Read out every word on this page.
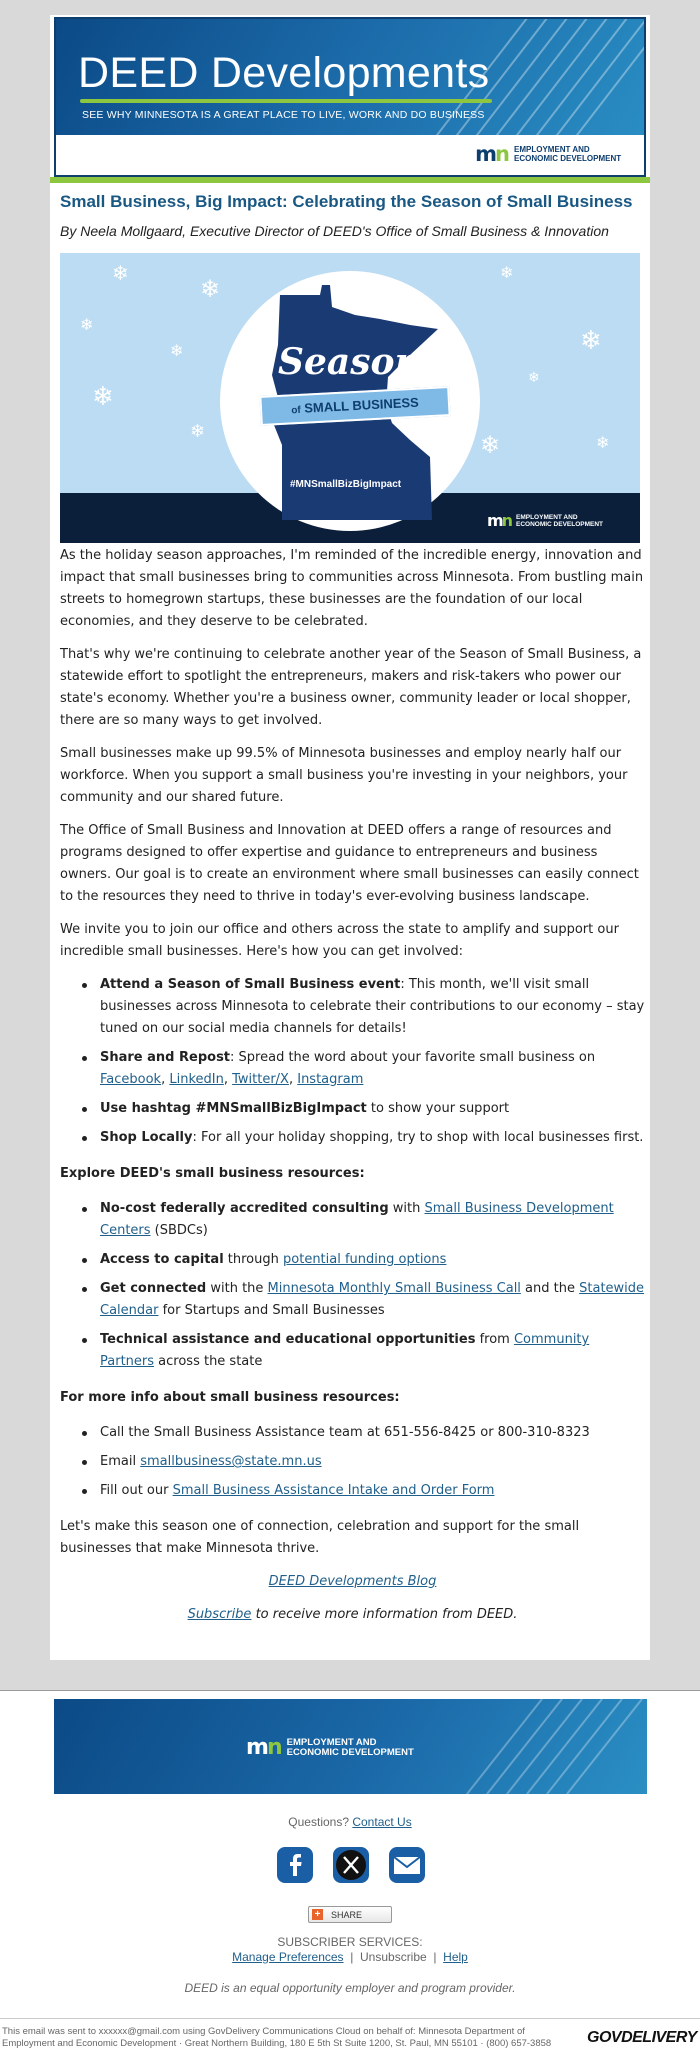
DEED Developments
SEE WHY MINNESOTA IS A GREAT PLACE TO LIVE, WORK AND DO BUSINESS
mn EMPLOYMENT AND
ECONOMIC DEVELOPMENT
Small Business, Big Impact: Celebrating the Season of Small Business
By Neela Mollgaard, Executive Director of DEED's Office of Small Business & Innovation
❄
❄
❄
❄
❄
❄
❄
❄
❄
❄	❄
Season
of SMALL BUSINESS
#MNSmallBizBigImpact
mn EMPLOYMENT AND
ECONOMIC DEVELOPMENT

As the holiday season approaches, I'm reminded of the incredible energy, innovation and impact that small businesses bring to communities across Minnesota. From bustling main streets to homegrown startups, these businesses are the foundation of our local economies, and they deserve to be celebrated.

That's why we're continuing to celebrate another year of the Season of Small Business, a statewide effort to spotlight the entrepreneurs, makers and risk-takers who power our state's economy. Whether you're a business owner, community leader or local shopper, there are so many ways to get involved.

Small businesses make up 99.5% of Minnesota businesses and employ nearly half our workforce. When you support a small business you're investing in your neighbors, your community and our shared future.

The Office of Small Business and Innovation at DEED offers a range of resources and programs designed to offer expertise and guidance to entrepreneurs and business owners. Our goal is to create an environment where small businesses can easily connect to the resources they need to thrive in today's ever-evolving business landscape.

We invite you to join our office and others across the state to amplify and support our incredible small businesses. Here's how you can get involved:

Attend a Season of Small Business event: This month, we'll visit small businesses across Minnesota to celebrate their contributions to our economy – stay tuned on our social media channels for details!
Share and Repost: Spread the word about your favorite small business on Facebook, LinkedIn, Twitter/X, Instagram
Use hashtag #MNSmallBizBigImpact to show your support
Shop Locally: For all your holiday shopping, try to shop with local businesses first.
Explore DEED's small business resources:
No-cost federally accredited consulting with Small Business Development Centers (SBDCs)
Access to capital through potential funding options
Get connected with the Minnesota Monthly Small Business Call and the Statewide Calendar for Startups and Small Businesses
Technical assistance and educational opportunities from Community Partners across the state
For more info about small business resources:
Call the Small Business Assistance team at 651-556-8425 or 800-310-8323
Email smallbusiness@state.mn.us
Fill out our Small Business Assistance Intake and Order Form

Let's make this season one of connection, celebration and support for the small businesses that make Minnesota thrive.

DEED Developments Blog

Subscribe to receive more information from DEED.

mn EMPLOYMENT AND
ECONOMIC DEVELOPMENT
Questions? Contact Us
+ SHARE
SUBSCRIBER SERVICES:
Manage Preferences  |  Unsubscribe  |  Help
DEED is an equal opportunity employer and program provider.
This email was sent to xxxxxx@gmail.com using GovDelivery Communications Cloud on behalf of: Minnesota Department of Employment and Economic Development · Great Northern Building, 180 E 5th St Suite 1200, St. Paul, MN 55101 · (800) 657-3858	GOVDELIVERY
